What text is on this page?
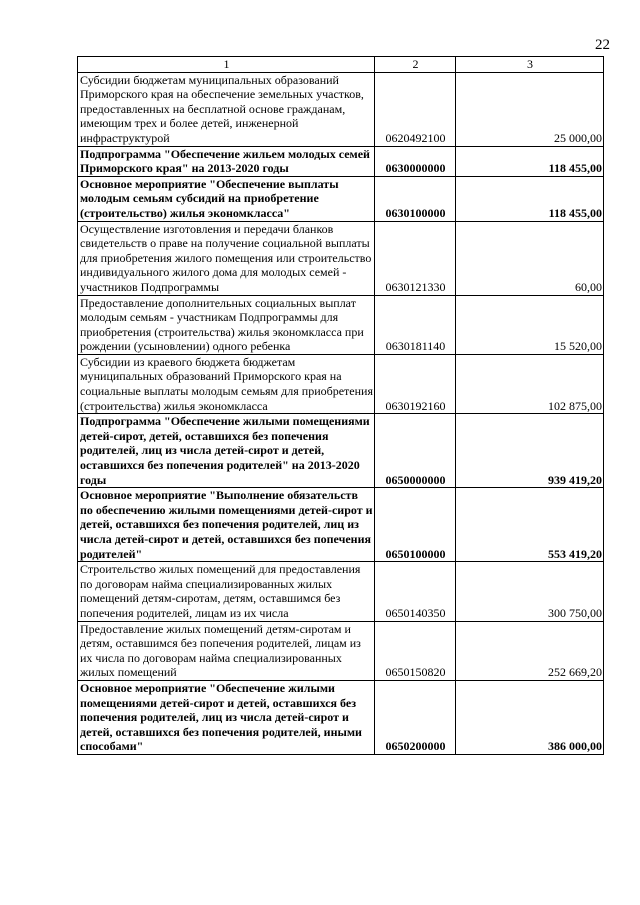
22
1	2	3
Субсидии бюджетам муниципальных образований Приморского края на обеспечение земельных участков, предоставленных на бесплатной основе гражданам, имеющим трех и более детей, инженерной инфраструктурой	0620492100	25 000,00
Подпрограмма "Обеспечение жильем молодых семей Приморского края" на 2013-2020 годы	0630000000	118 455,00
Основное мероприятие "Обеспечение выплаты молодым семьям субсидий на приобретение (строительство) жилья экономкласса"	0630100000	118 455,00
Осуществление изготовления и передачи бланков свидетельств о праве на получение социальной выплаты для приобретения жилого помещения или строительство индивидуального жилого дома для молодых семей - участников Подпрограммы	0630121330	60,00
Предоставление дополнительных социальных выплат молодым семьям - участникам Подпрограммы для приобретения (строительства) жилья экономкласса при рождении (усыновлении) одного ребенка	0630181140	15 520,00
Субсидии из краевого бюджета бюджетам муниципальных образований Приморского края на социальные выплаты молодым семьям для приобретения (строительства) жилья экономкласса	0630192160	102 875,00
Подпрограмма "Обеспечение жилыми помещениями детей-сирот, детей, оставшихся без попечения родителей, лиц из числа детей-сирот и детей, оставшихся без попечения родителей" на 2013-2020 годы	0650000000	939 419,20
Основное мероприятие "Выполнение обязательств по обеспечению жилыми помещениями детей-сирот и детей, оставшихся без попечения родителей, лиц из числа детей-сирот и детей, оставшихся без попечения родителей"	0650100000	553 419,20
Строительство жилых помещений для предоставления по договорам найма специализированных жилых помещений детям-сиротам, детям, оставшимся без попечения родителей, лицам из их числа	0650140350	300 750,00
Предоставление жилых помещений детям-сиротам и детям, оставшимся без попечения родителей, лицам из их числа по договорам найма специализированных жилых помещений	0650150820	252 669,20
Основное мероприятие "Обеспечение жилыми помещениями детей-сирот и детей, оставшихся без попечения родителей, лиц из числа детей-сирот и детей, оставшихся без попечения родителей, иными способами"	0650200000	386 000,00
